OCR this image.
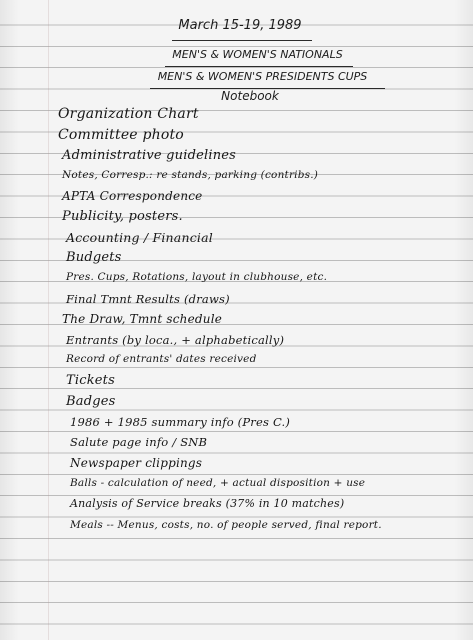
March 15-19, 1989
MEN'S & WOMEN'S NATIONALS
MEN'S & WOMEN'S PRESIDENTS CUPS
Notebook
Organization Chart
Committee photo
Administrative guidelines
Notes, Corresp.: re stands, parking (contribs.)
APTA Correspondence
Publicity, posters.
Accounting / Financial
Budgets
Pres. Cups, Rotations, layout in clubhouse, etc.
Final Tmnt Results (draws)
The Draw, Tmnt schedule
Entrants (by loca., + alphabetically)
Record of entrants' dates received
Tickets
Badges
1986 + 1985 summary info (Pres C.)
Salute page info / SNB
Newspaper clippings
Balls - calculation of need, + actual disposition + use
Analysis of Service breaks (37% in 10 matches)
Meals -- Menus, costs, no. of people served, final report.
